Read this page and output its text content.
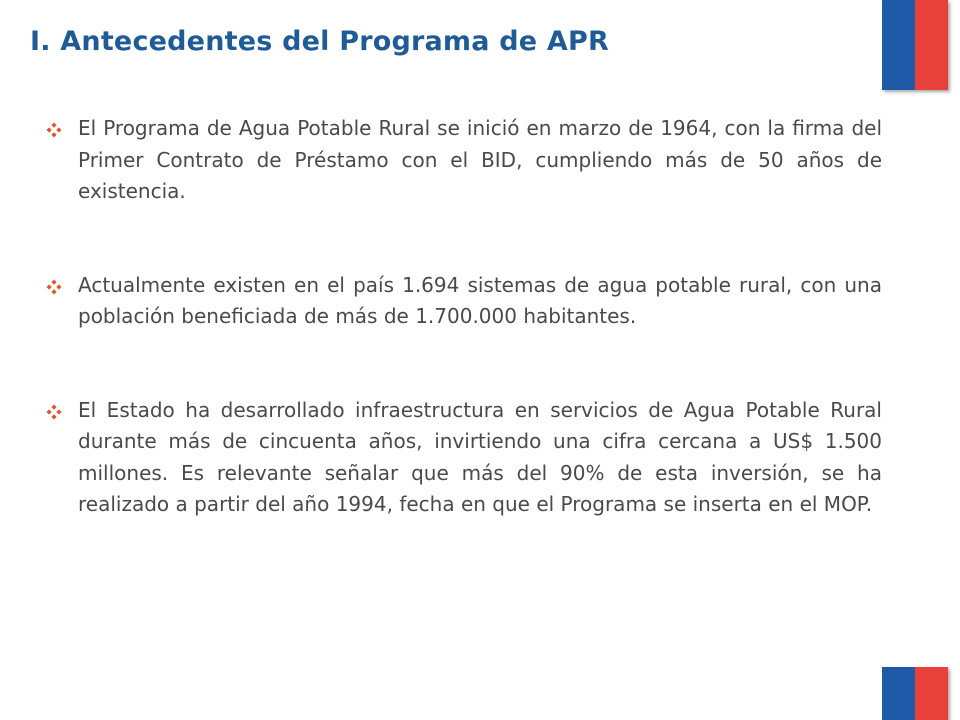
I. Antecedentes del Programa de APR
El Programa de Agua Potable Rural se inició en marzo de 1964, con la firma del Primer Contrato de Préstamo con el BID, cumpliendo más de 50 años de existencia.
Actualmente existen en el país 1.694 sistemas de agua potable rural, con una población beneficiada de más de 1.700.000 habitantes.
El Estado ha desarrollado infraestructura en servicios de Agua Potable Rural durante más de cincuenta años, invirtiendo una cifra cercana a US$ 1.500 millones. Es relevante señalar que más del 90% de esta inversión, se ha realizado a partir del año 1994, fecha en que el Programa se inserta en el MOP.
